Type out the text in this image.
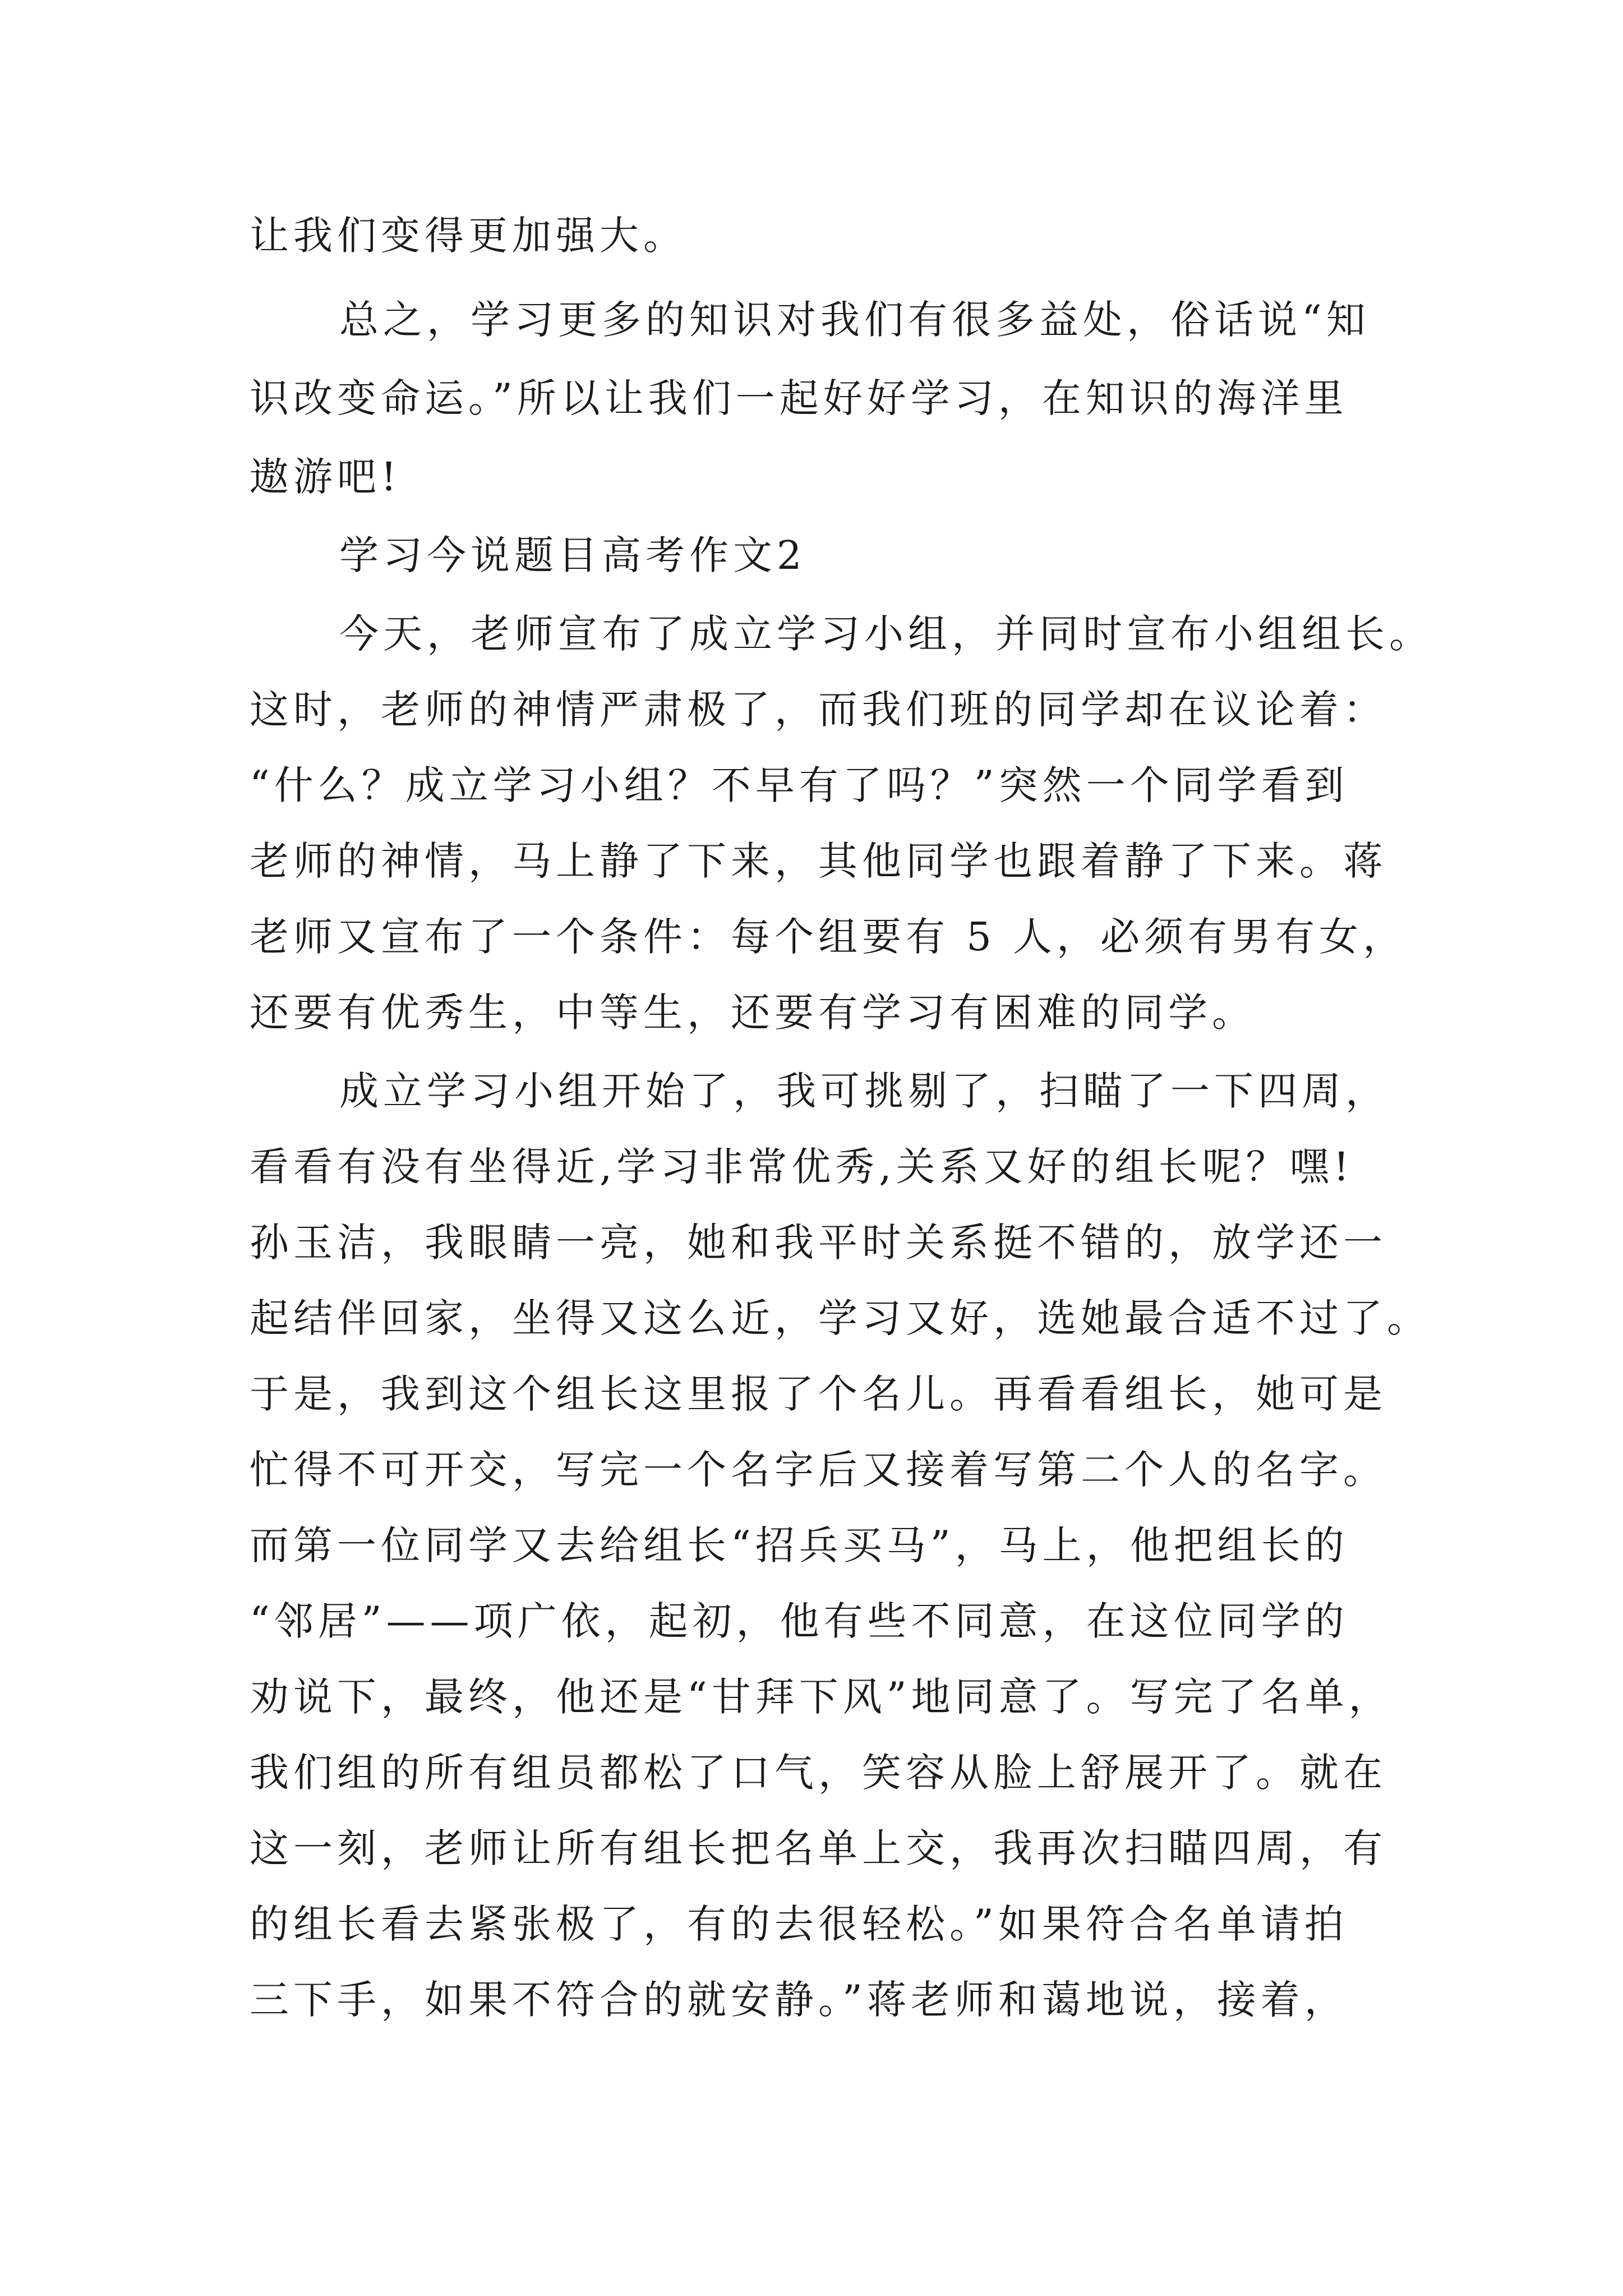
让我们变得更加强大。
总之，学习更多的知识对我们有很多益处，俗话说“知
识改变命运。”所以让我们一起好好学习，在知识的海洋里
遨游吧!
学习今说题目高考作文2
今天，老师宣布了成立学习小组，并同时宣布小组组长。
这时，老师的神情严肃极了，而我们班的同学却在议论着：
“什么？成立学习小组？不早有了吗？”突然一个同学看到
老师的神情，马上静了下来，其他同学也跟着静了下来。蒋
老师又宣布了一个条件：每个组要有 5 人，必须有男有女，
还要有优秀生，中等生，还要有学习有困难的同学。
成立学习小组开始了，我可挑剔了，扫瞄了一下四周，
看看有没有坐得近,学习非常优秀,关系又好的组长呢？嘿!
孙玉洁，我眼睛一亮，她和我平时关系挺不错的，放学还一
起结伴回家，坐得又这么近，学习又好，选她最合适不过了。
于是，我到这个组长这里报了个名儿。再看看组长，她可是
忙得不可开交，写完一个名字后又接着写第二个人的名字。
而第一位同学又去给组长“招兵买马”，马上，他把组长的
“邻居”——项广依，起初，他有些不同意，在这位同学的
劝说下，最终，他还是“甘拜下风”地同意了。写完了名单，
我们组的所有组员都松了口气，笑容从脸上舒展开了。就在
这一刻，老师让所有组长把名单上交，我再次扫瞄四周，有
的组长看去紧张极了，有的去很轻松。”如果符合名单请拍
三下手，如果不符合的就安静。”蒋老师和蔼地说，接着，
